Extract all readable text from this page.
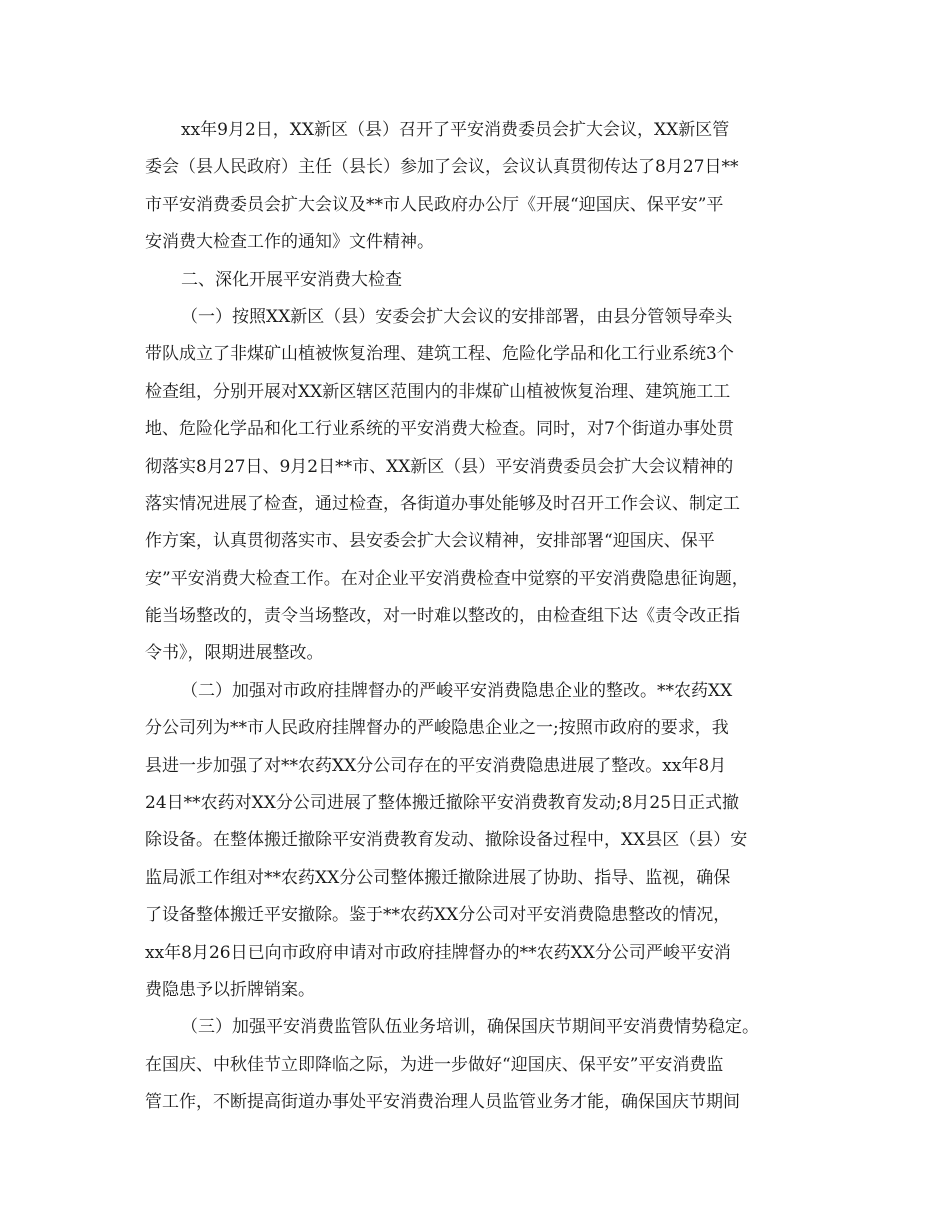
xx年9月2日，XX新区（县）召开了平安消费委员会扩大会议，XX新区管
委会（县人民政府）主任（县长）参加了会议，会议认真贯彻传达了8月27日**
市平安消费委员会扩大会议及**市人民政府办公厅《开展“迎国庆、保平安”平
安消费大检查工作的通知》文件精神。
二、深化开展平安消费大检查
（一）按照XX新区（县）安委会扩大会议的安排部署，由县分管领导牵头
带队成立了非煤矿山植被恢复治理、建筑工程、危险化学品和化工行业系统3个
检查组，分别开展对XX新区辖区范围内的非煤矿山植被恢复治理、建筑施工工
地、危险化学品和化工行业系统的平安消费大检查。同时，对7个街道办事处贯
彻落实8月27日、9月2日**市、XX新区（县）平安消费委员会扩大会议精神的
落实情况进展了检查，通过检查，各街道办事处能够及时召开工作会议、制定工
作方案，认真贯彻落实市、县安委会扩大会议精神，安排部署“迎国庆、保平
安”平安消费大检查工作。在对企业平安消费检查中觉察的平安消费隐患征询题，
能当场整改的，责令当场整改，对一时难以整改的，由检查组下达《责令改正指
令书》，限期进展整改。
（二）加强对市政府挂牌督办的严峻平安消费隐患企业的整改。**农药XX
分公司列为**市人民政府挂牌督办的严峻隐患企业之一;按照市政府的要求，我
县进一步加强了对**农药XX分公司存在的平安消费隐患进展了整改。xx年8月
24日**农药对XX分公司进展了整体搬迁撤除平安消费教育发动;8月25日正式撤
除设备。在整体搬迁撤除平安消费教育发动、撤除设备过程中，XX县区（县）安
监局派工作组对**农药XX分公司整体搬迁撤除进展了协助、指导、监视，确保
了设备整体搬迁平安撤除。鉴于**农药XX分公司对平安消费隐患整改的情况，
xx年8月26日已向市政府申请对市政府挂牌督办的**农药XX分公司严峻平安消
费隐患予以折牌销案。
（三）加强平安消费监管队伍业务培训，确保国庆节期间平安消费情势稳定。
在国庆、中秋佳节立即降临之际，为进一步做好“迎国庆、保平安”平安消费监
管工作，不断提高街道办事处平安消费治理人员监管业务才能，确保国庆节期间
